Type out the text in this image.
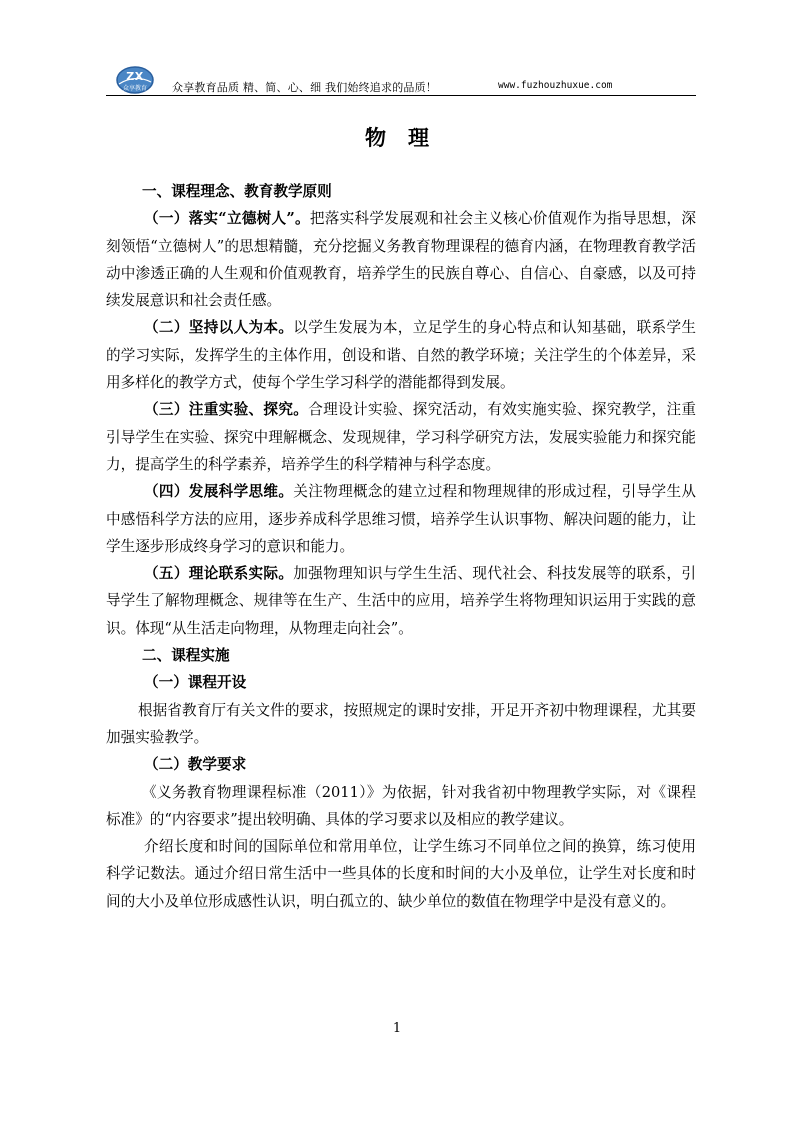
ZX
众享教育	众享教育品质 精、简、心、细 我们始终追求的品质！	www.fuzhouzhuxue.com
物理

一、课程理念、教育教学原则

（一）落实“立德树人”。把落实科学发展观和社会主义核心价值观作为指导思想，深刻领悟“立德树人”的思想精髓，充分挖掘义务教育物理课程的德育内涵，在物理教育教学活动中渗透正确的人生观和价值观教育，培养学生的民族自尊心、自信心、自豪感，以及可持续发展意识和社会责任感。

（二）坚持以人为本。以学生发展为本，立足学生的身心特点和认知基础，联系学生的学习实际，发挥学生的主体作用，创设和谐、自然的教学环境；关注学生的个体差异，采用多样化的教学方式，使每个学生学习科学的潜能都得到发展。

（三）注重实验、探究。合理设计实验、探究活动，有效实施实验、探究教学，注重引导学生在实验、探究中理解概念、发现规律，学习科学研究方法，发展实验能力和探究能力，提高学生的科学素养，培养学生的科学精神与科学态度。

（四）发展科学思维。关注物理概念的建立过程和物理规律的形成过程，引导学生从中感悟科学方法的应用，逐步养成科学思维习惯，培养学生认识事物、解决问题的能力，让学生逐步形成终身学习的意识和能力。

（五）理论联系实际。加强物理知识与学生生活、现代社会、科技发展等的联系，引导学生了解物理概念、规律等在生产、生活中的应用，培养学生将物理知识运用于实践的意识。体现“从生活走向物理，从物理走向社会”。

二、课程实施

（一）课程开设

根据省教育厅有关文件的要求，按照规定的课时安排，开足开齐初中物理课程，尤其要加强实验教学。

（二）教学要求

《义务教育物理课程标准（2011）》为依据，针对我省初中物理教学实际，对《课程标准》的“内容要求”提出较明确、具体的学习要求以及相应的教学建议。

介绍长度和时间的国际单位和常用单位，让学生练习不同单位之间的换算，练习使用科学记数法。通过介绍日常生活中一些具体的长度和时间的大小及单位，让学生对长度和时间的大小及单位形成感性认识，明白孤立的、缺少单位的数值在物理学中是没有意义的。

1
